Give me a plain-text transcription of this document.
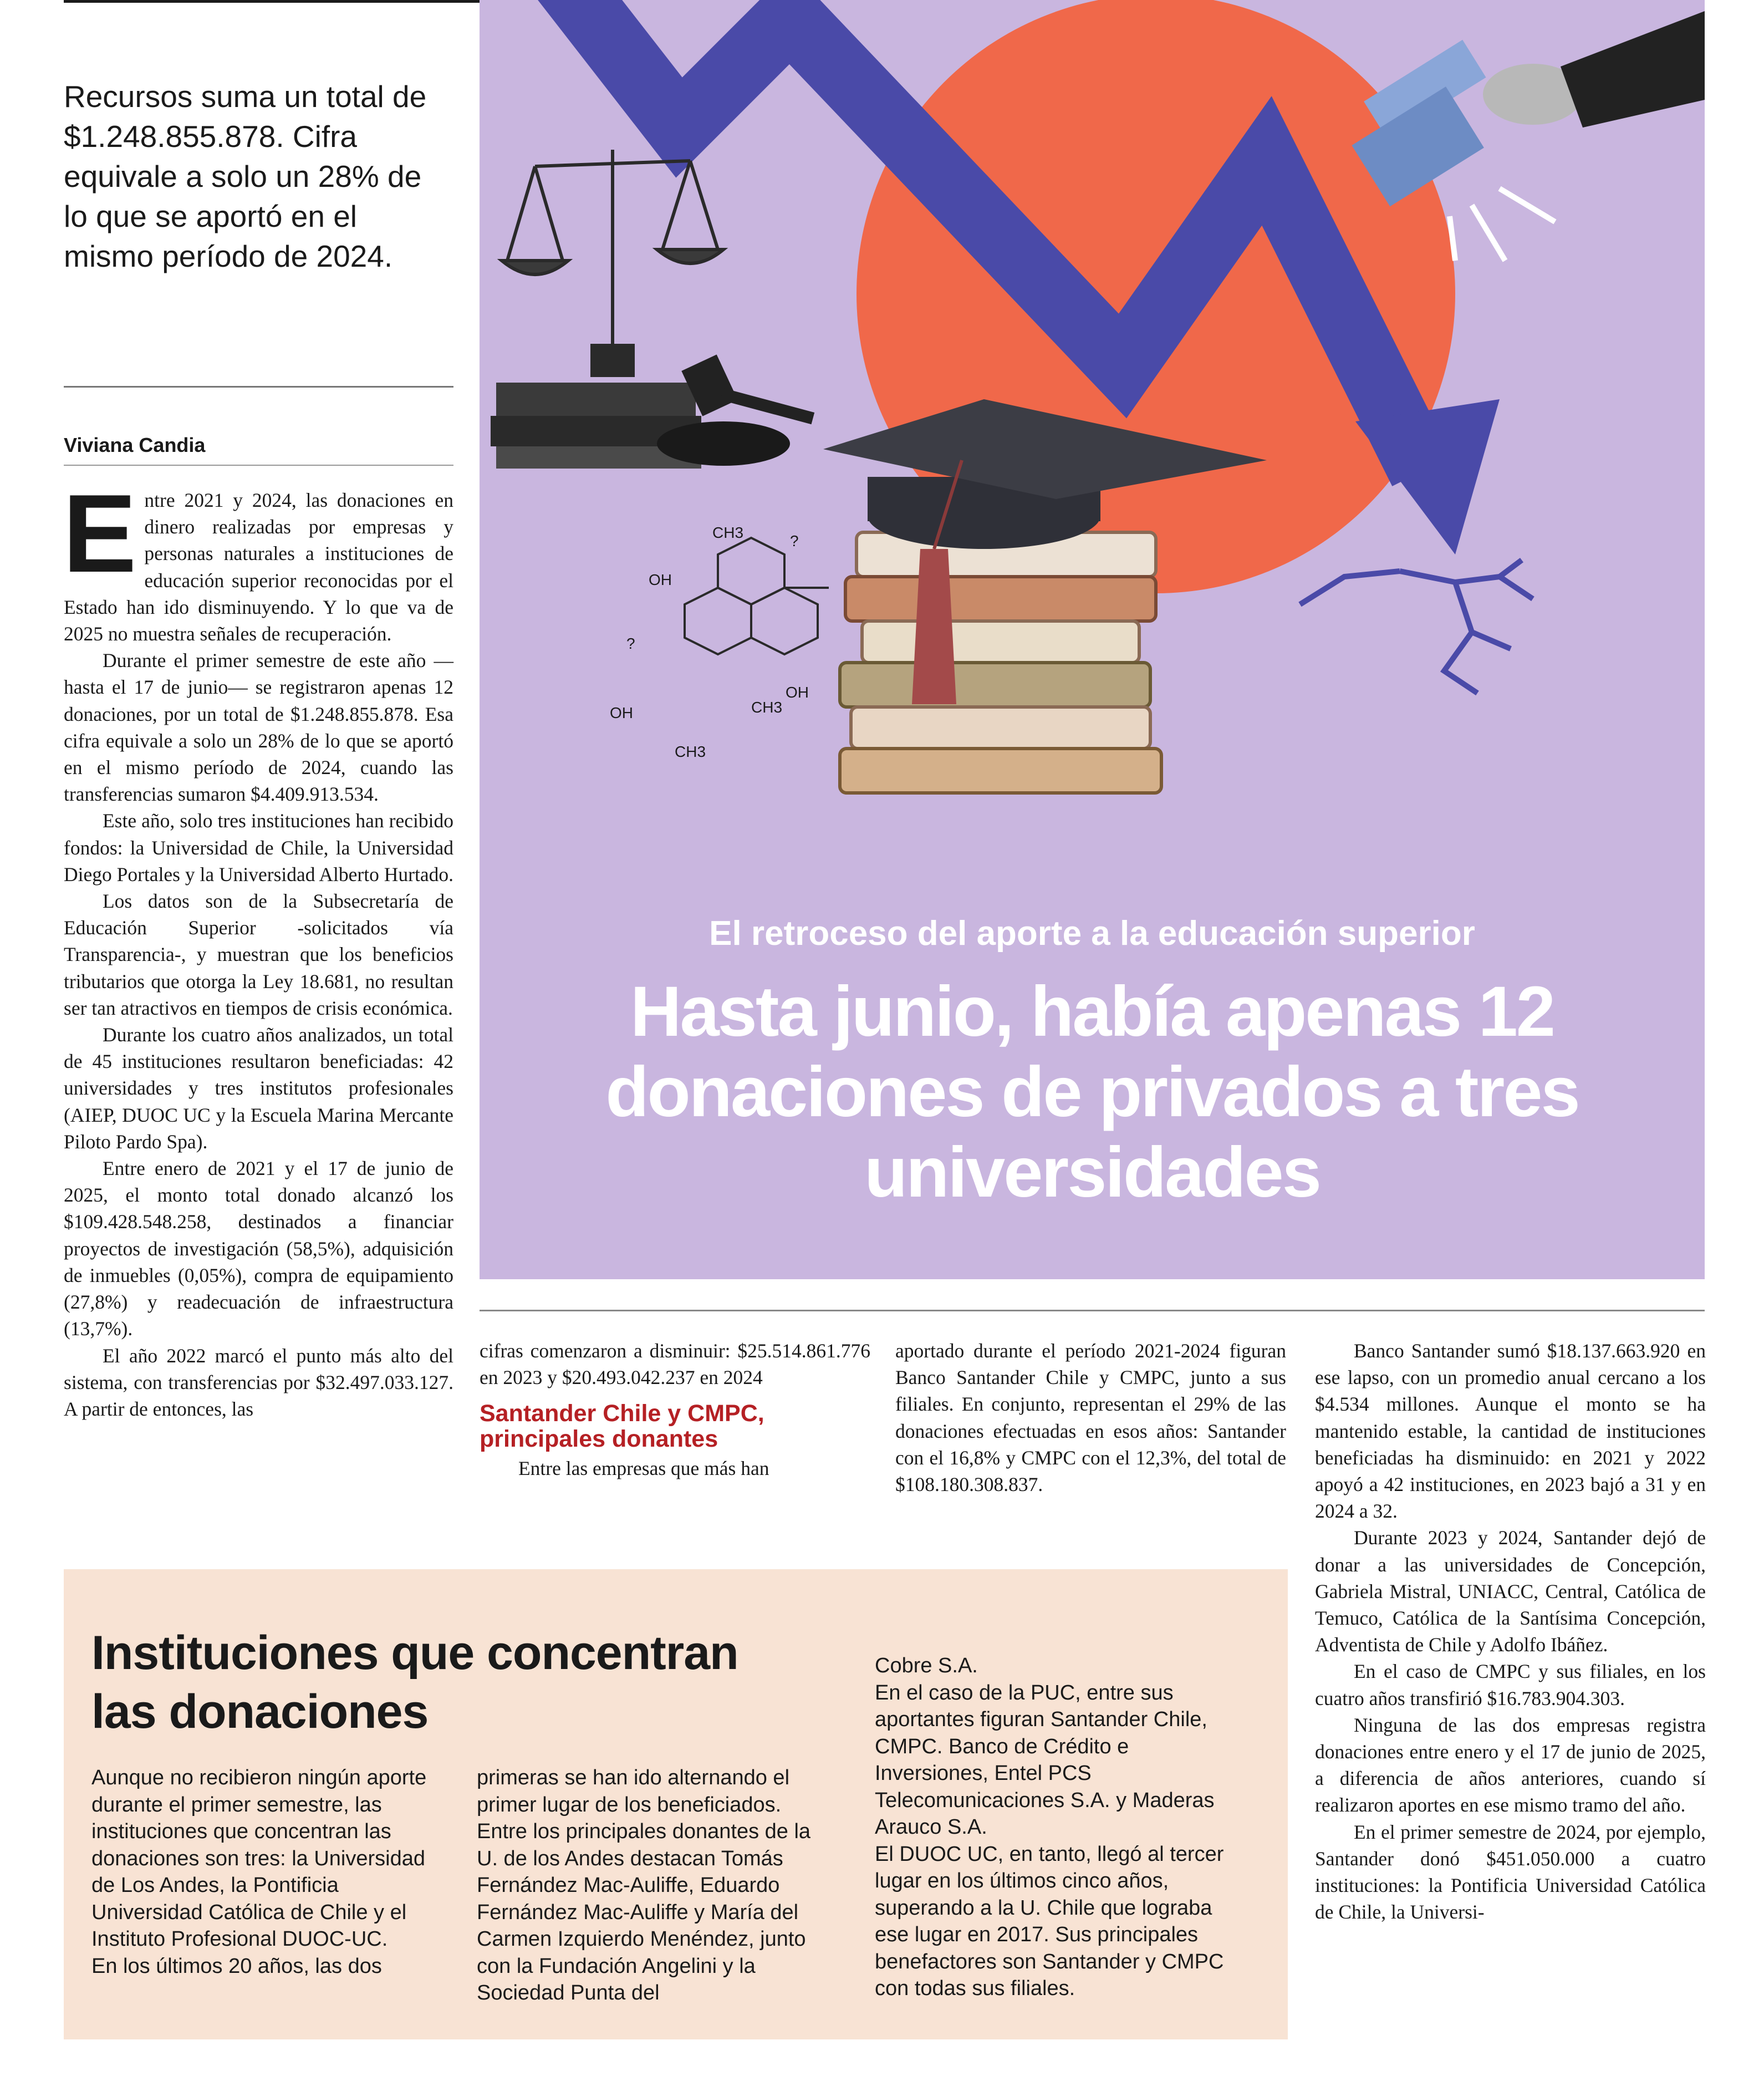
Recursos suma un total de $1.248.855.878. Cifra equivale a solo un 28% de lo que se aportó en el mismo período de 2024.
Viviana Candia
E ntre 2021 y 2024, las donaciones en dinero realizadas por empresas y personas naturales a instituciones de educación superior reconocidas por el Estado han ido disminuyendo. Y lo que va de 2025 no muestra señales de recuperación.

Durante el primer semestre de este año —hasta el 17 de junio— se registraron apenas 12 donaciones, por un total de $1.248.855.878. Esa cifra equivale a solo un 28% de lo que se aportó en el mismo período de 2024, cuando las transferencias sumaron $4.409.913.534.

Este año, solo tres instituciones han recibido fondos: la Universidad de Chile, la Universidad Diego Portales y la Universidad Alberto Hurtado.

Los datos son de la Subsecretaría de Educación Superior -solicitados vía Transparencia-, y muestran que los beneficios tributarios que otorga la Ley 18.681, no resultan ser tan atractivos en tiempos de crisis económica.

Durante los cuatro años analizados, un total de 45 instituciones resultaron beneficiadas: 42 universidades y tres institutos profesionales (AIEP, DUOC UC y la Escuela Marina Mercante Piloto Pardo Spa).

Entre enero de 2021 y el 17 de junio de 2025, el monto total donado alcanzó los $109.428.548.258, destinados a financiar proyectos de investigación (58,5%), adquisición de inmuebles (0,05%), compra de equipamiento (27,8%) y readecuación de infraestructura (13,7%).

El año 2022 marcó el punto más alto del sistema, con transferencias por $32.497.033.127. A partir de entonces, las

CH3	?
OH
?
OH	CH3
OH
CH3
El retroceso del aporte a la educación superior
Hasta junio, había apenas 12 donaciones de privados a tres universidades

cifras comenzaron a disminuir: $25.514.861.776 en 2023 y $20.493.042.237 en 2024

Santander Chile y CMPC, principales donantes

Entre las empresas que más han

aportado durante el período 2021-2024 figuran Banco Santander Chile y CMPC, junto a sus filiales. En conjunto, representan el 29% de las donaciones efectuadas en esos años: Santander con el 16,8% y CMPC con el 12,3%, del total de $108.180.308.837.

Banco Santander sumó $18.137.663.920 en ese lapso, con un promedio anual cercano a los $4.534 millones. Aunque el monto se ha mantenido estable, la cantidad de instituciones beneficiadas ha disminuido: en 2021 y 2022 apoyó a 42 instituciones, en 2023 bajó a 31 y en 2024 a 32.

Durante 2023 y 2024, Santander dejó de donar a las universidades de Concepción, Gabriela Mistral, UNIACC, Central, Católica de Temuco, Católica de la Santísima Concepción, Adventista de Chile y Adolfo Ibáñez.

En el caso de CMPC y sus filiales, en los cuatro años transfirió $16.783.904.303.

Ninguna de las dos empresas registra donaciones entre enero y el 17 de junio de 2025, a diferencia de años anteriores, cuando sí realizaron aportes en ese mismo tramo del año.

En el primer semestre de 2024, por ejemplo, Santander donó $451.050.000 a cuatro instituciones: la Pontificia Universidad Católica de Chile, la Universi-

Instituciones que concentran las donaciones

Aunque no recibieron ningún aporte durante el primer semestre, las instituciones que concentran las donaciones son tres: la Universidad de Los Andes, la Pontificia Universidad Católica de Chile y el Instituto Profesional DUOC-UC.

En los últimos 20 años, las dos

primeras se han ido alternando el primer lugar de los beneficiados. Entre los principales donantes de la U. de los Andes destacan Tomás Fernández Mac-Auliffe, Eduardo Fernández Mac-Auliffe y María del Carmen Izquierdo Menéndez, junto con la Fundación Angelini y la Sociedad Punta del

Cobre S.A.

En el caso de la PUC, entre sus aportantes figuran Santander Chile, CMPC. Banco de Crédito e Inversiones, Entel PCS Telecomunicaciones S.A. y Maderas Arauco S.A.

El DUOC UC, en tanto, llegó al tercer lugar en los últimos cinco años, superando a la U. Chile que lograba ese lugar en 2017. Sus principales benefactores son Santander y CMPC con todas sus filiales.
